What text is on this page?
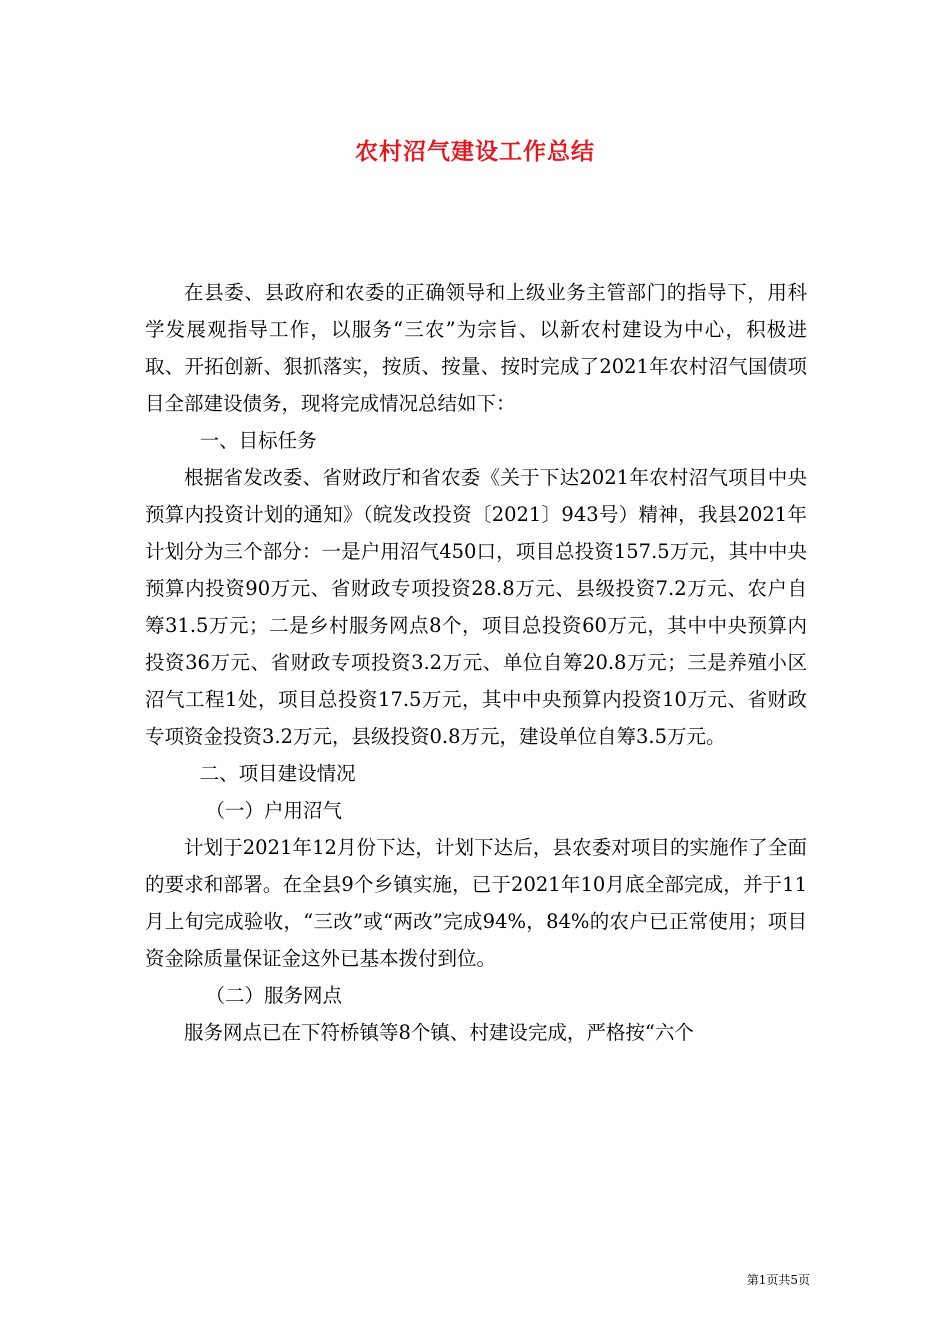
农村沼气建设工作总结

在县委、县政府和农委的正确领导和上级业务主管部门的指导下，用科学发展观指导工作，以服务“三农”为宗旨、以新农村建设为中心，积极进取、开拓创新、狠抓落实，按质、按量、按时完成了2021年农村沼气国债项目全部建设债务，现将完成情况总结如下：

一、目标任务

根据省发改委、省财政厅和省农委《关于下达2021年农村沼气项目中央预算内投资计划的通知》（皖发改投资〔2021〕943号）精神，我县2021年计划分为三个部分：一是户用沼气450口，项目总投资157.5万元，其中中央预算内投资90万元、省财政专项投资28.8万元、县级投资7.2万元、农户自筹31.5万元；二是乡村服务网点8个，项目总投资60万元，其中中央预算内投资36万元、省财政专项投资3.2万元、单位自筹20.8万元；三是养殖小区沼气工程1处，项目总投资17.5万元，其中中央预算内投资10万元、省财政专项资金投资3.2万元，县级投资0.8万元，建设单位自筹3.5万元。

二、项目建设情况

（一）户用沼气

计划于2021年12月份下达，计划下达后，县农委对项目的实施作了全面的要求和部署。在全县9个乡镇实施，已于2021年10月底全部完成，并于11月上旬完成验收，“三改”或“两改”完成94%，84%的农户已正常使用；项目资金除质量保证金这外已基本拨付到位。

（二）服务网点

服务网点已在下符桥镇等8个镇、村建设完成，严格按“六个

第1页共5页
